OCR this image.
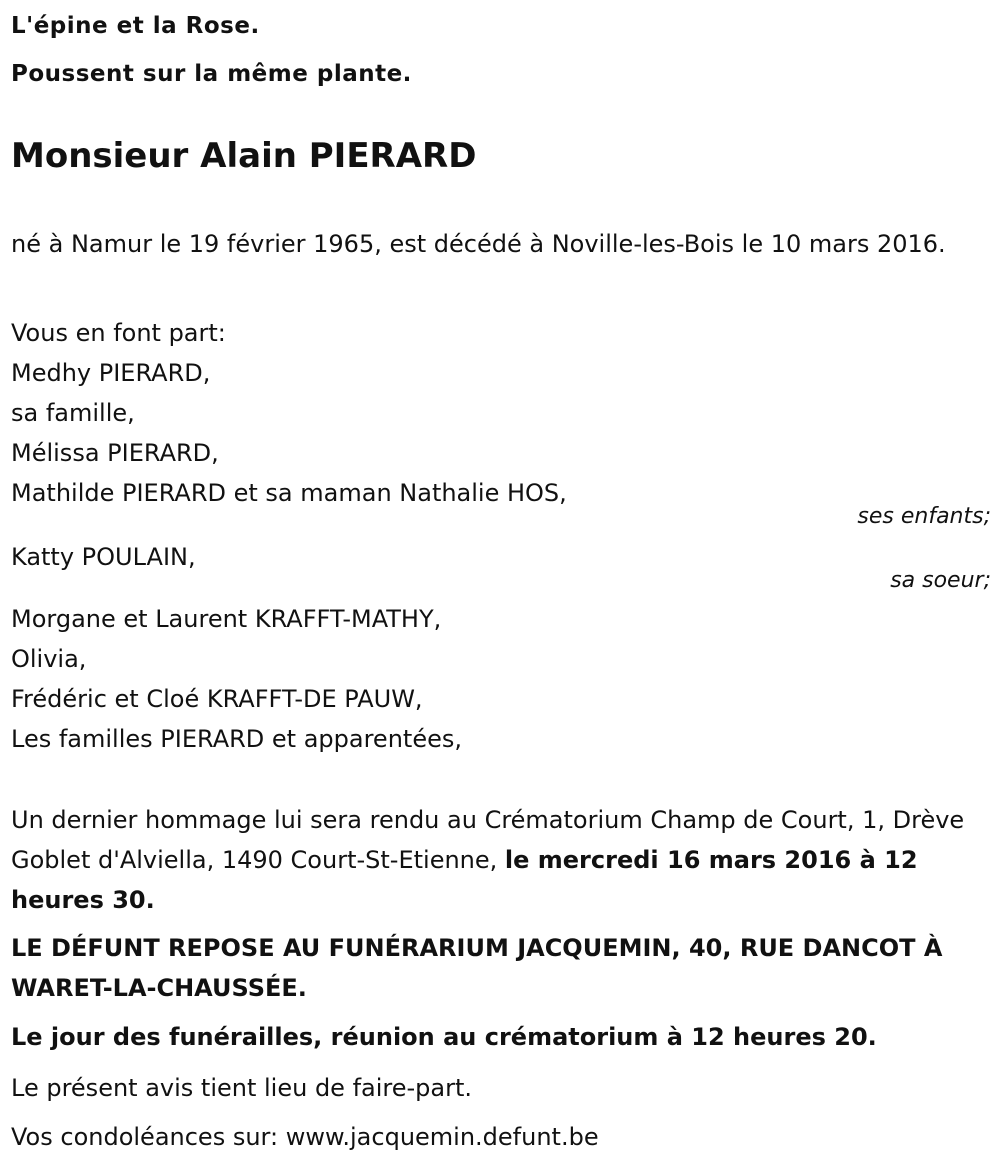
L'épine et la Rose.

Poussent sur la même plante.

Monsieur Alain PIERARD

né à Namur le 19 février 1965, est décédé à Noville-les-Bois le 10 mars 2016.

Vous en font part:

Medhy PIERARD,

sa famille,

Mélissa PIERARD,

Mathilde PIERARD et sa maman Nathalie HOS,

ses enfants;

Katty POULAIN,

sa soeur;

Morgane et Laurent KRAFFT-MATHY,

Olivia,

Frédéric et Cloé KRAFFT-DE PAUW,

Les familles PIERARD et apparentées,

Un dernier hommage lui sera rendu au Crématorium Champ de Court, 1, Drève Goblet d'Alviella, 1490 Court-St-Etienne, le mercredi 16 mars 2016 à 12 heures 30.

LE DÉFUNT REPOSE AU FUNÉRARIUM JACQUEMIN, 40, RUE DANCOT À WARET-LA-CHAUSSÉE.

Le jour des funérailles, réunion au crématorium à 12 heures 20.

Le présent avis tient lieu de faire-part.

Vos condoléances sur: www.jacquemin.defunt.be
